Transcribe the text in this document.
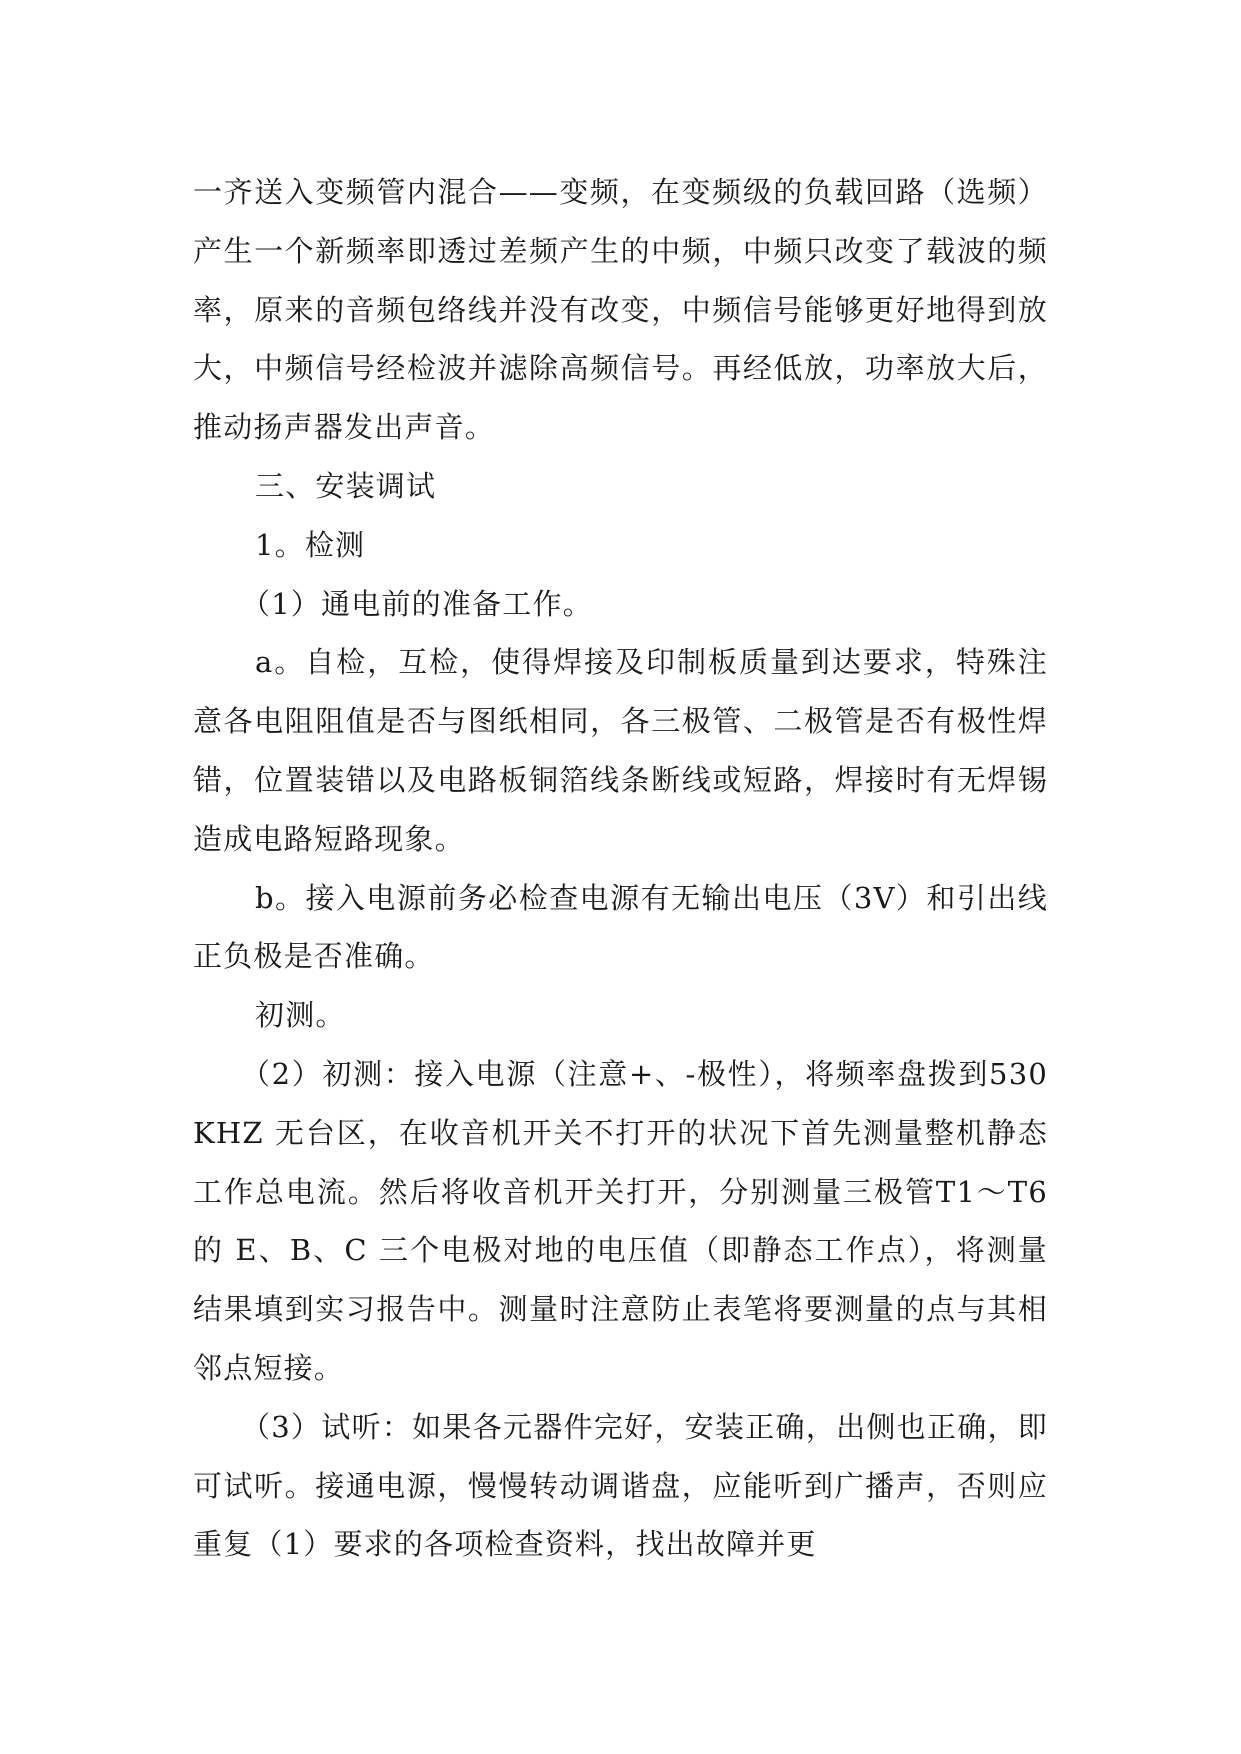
一齐送入变频管内混合——变频，在变频级的负载回路（选频）产生一个新频率即透过差频产生的中频，中频只改变了载波的频率，原来的音频包络线并没有改变，中频信号能够更好地得到放大，中频信号经检波并滤除高频信号。再经低放，功率放大后，推动扬声器发出声音。

三、安装调试

1。检测

（1）通电前的准备工作。

a。自检，互检，使得焊接及印制板质量到达要求，特殊注意各电阻阻值是否与图纸相同，各三极管、二极管是否有极性焊错，位置装错以及电路板铜箔线条断线或短路，焊接时有无焊锡造成电路短路现象。

b。接入电源前务必检查电源有无输出电压（3V）和引出线正负极是否准确。

初测。

（2）初测：接入电源（注意+、-极性），将频率盘拨到530KHZ 无台区，在收音机开关不打开的状况下首先测量整机静态工作总电流。然后将收音机开关打开，分别测量三极管T1～T6 的 E、B、C 三个电极对地的电压值（即静态工作点），将测量结果填到实习报告中。测量时注意防止表笔将要测量的点与其相邻点短接。

（3）试听：如果各元器件完好，安装正确，出侧也正确，即可试听。接通电源，慢慢转动调谐盘，应能听到广播声，否则应重复（1）要求的各项检查资料，找出故障并更
